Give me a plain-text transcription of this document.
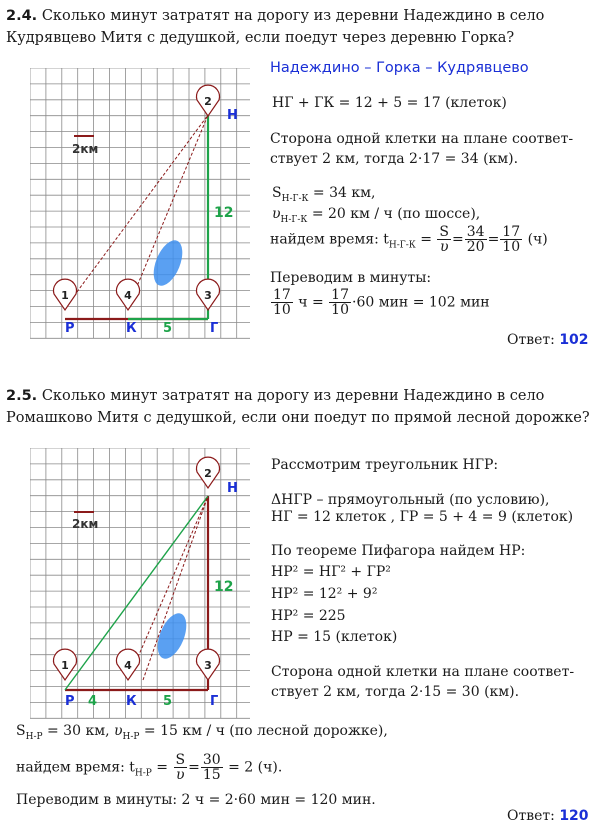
2.4. Сколько минут затратят на дорогу из деревни Надеждино в село Кудрявцево Митя с дедушкой, если поедут через деревню Горка?
2км
1	4	3
2
Р	К	Г
Н
12
5
Надеждино – Горка – Кудрявцево
НГ + ГК = 12 + 5 = 17 (клеток)
Сторона одной клетки на плане соответ-
ствует 2 км, тогда 2·17 = 34 (км).
$S_{Н-Г-К} = 34$ км,
$\upsilon_{Н-Г-К} = 20$ км / ч (по шоссе),
найдем время: $t_{Н-Г-К} = \frac{S}{\upsilon} = \frac{34}{20} = \frac{17}{10} (ч)$
Переводим в минуты:
$\frac{17}{10}$ $ч = \frac{17}{10} \cdot 60$ мин = 102 мин
Ответ: 102
2.5. Сколько минут затратят на дорогу из деревни Надеждино в село Ромашково Митя с дедушкой, если они поедут по прямой лесной дорожке?
2км
1	4	3
2
Р	К	Г
Н
12
4	5
Рассмотрим треугольник НГР:
ΔНГР – прямоугольный (по условию),
НГ = 12 клеток , ГР = 5 + 4 = 9 (клеток)
По теореме Пифагора найдем НР:
НР² = НГ² + ГР²
НР² = 12² + 9²
НР² = 225
НР = 15 (клеток)
Сторона одной клетки на плане соответ-
ствует 2 км, тогда 2·15 = 30 (км).
$S_{Н-Р} = 30$ км, $\upsilon_{Н-Р} = 15$ км / ч (по лесной дорожке),
найдем время: $t_{Н-Р} = \frac{S}{\upsilon} = \frac{30}{15} = 2$ (ч).
Переводим в минуты: 2 ч = 2·60 мин = 120 мин.
Ответ: 120
